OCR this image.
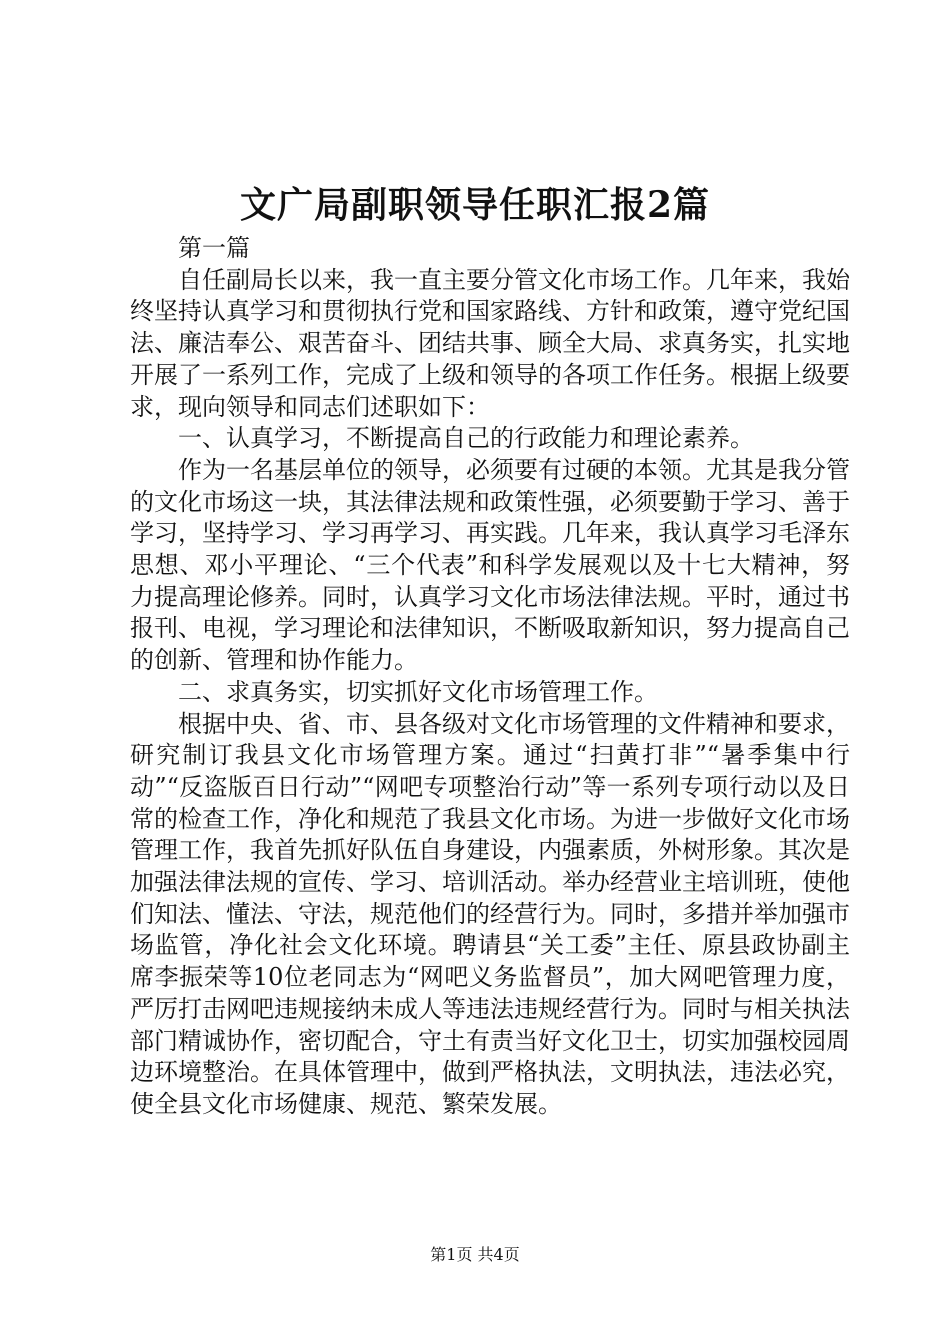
文广局副职领导任职汇报2篇

第一篇

自任副局长以来，我一直主要分管文化市场工作。几年来，我始终坚持认真学习和贯彻执行党和国家路线、方针和政策，遵守党纪国法、廉洁奉公、艰苦奋斗、团结共事、顾全大局、求真务实，扎实地开展了一系列工作，完成了上级和领导的各项工作任务。根据上级要求，现向领导和同志们述职如下：

一、认真学习，不断提高自己的行政能力和理论素养。

作为一名基层单位的领导，必须要有过硬的本领。尤其是我分管的文化市场这一块，其法律法规和政策性强，必须要勤于学习、善于学习，坚持学习、学习再学习、再实践。几年来，我认真学习毛泽东思想、邓小平理论、“三个代表”和科学发展观以及十七大精神，努力提高理论修养。同时，认真学习文化市场法律法规。平时，通过书报刊、电视，学习理论和法律知识，不断吸取新知识，努力提高自己的创新、管理和协作能力。

二、求真务实，切实抓好文化市场管理工作。

根据中央、省、市、县各级对文化市场管理的文件精神和要求，研究制订我县文化市场管理方案。通过“扫黄打非”“暑季集中行动”“反盗版百日行动”“网吧专项整治行动”等一系列专项行动以及日常的检查工作，净化和规范了我县文化市场。为进一步做好文化市场管理工作，我首先抓好队伍自身建设，内强素质，外树形象。其次是加强法律法规的宣传、学习、培训活动。举办经营业主培训班，使他们知法、懂法、守法，规范他们的经营行为。同时，多措并举加强市场监管，净化社会文化环境。聘请县“关工委”主任、原县政协副主席李振荣等10位老同志为“网吧义务监督员”，加大网吧管理力度，严厉打击网吧违规接纳未成人等违法违规经营行为。同时与相关执法部门精诚协作，密切配合，守土有责当好文化卫士，切实加强校园周边环境整治。在具体管理中，做到严格执法，文明执法，违法必究，使全县文化市场健康、规范、繁荣发展。

第1页 共4页
